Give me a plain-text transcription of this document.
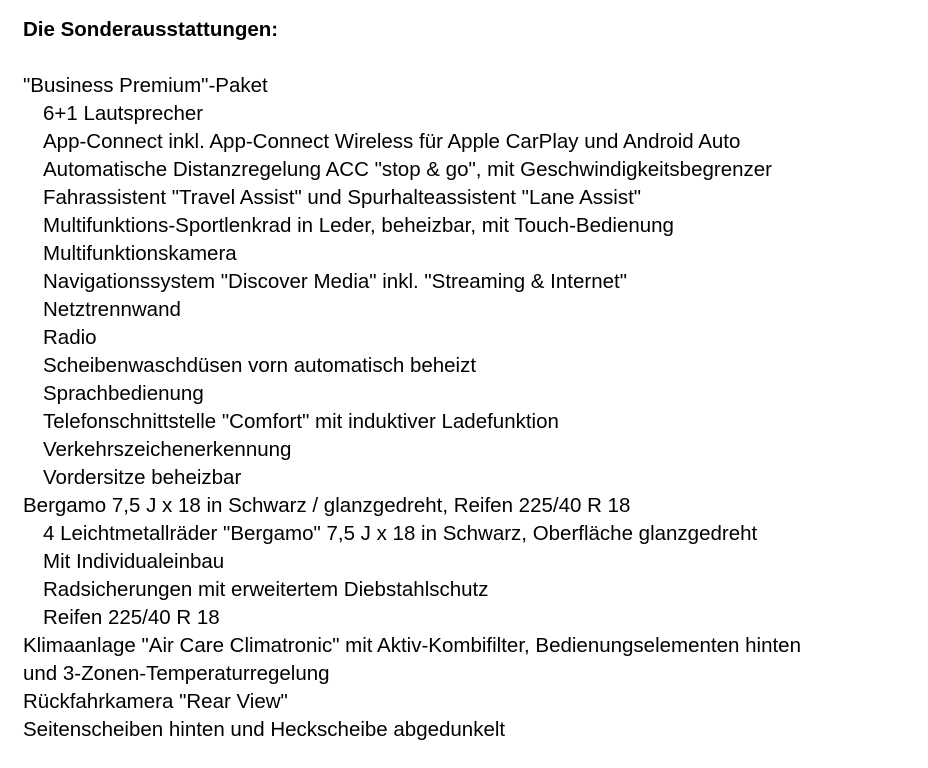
Die Sonderausstattungen:
"Business Premium"-Paket
6+1 Lautsprecher
App-Connect inkl. App-Connect Wireless für Apple CarPlay und Android Auto
Automatische Distanzregelung ACC "stop & go", mit Geschwindigkeitsbegrenzer
Fahrassistent "Travel Assist" und Spurhalteassistent "Lane Assist"
Multifunktions-Sportlenkrad in Leder, beheizbar, mit Touch-Bedienung
Multifunktionskamera
Navigationssystem "Discover Media" inkl. "Streaming & Internet"
Netztrennwand
Radio
Scheibenwaschdüsen vorn automatisch beheizt
Sprachbedienung
Telefonschnittstelle "Comfort" mit induktiver Ladefunktion
Verkehrszeichenerkennung
Vordersitze beheizbar
Bergamo 7,5 J x 18 in Schwarz / glanzgedreht, Reifen 225/40 R 18
4 Leichtmetallräder "Bergamo" 7,5 J x 18 in Schwarz, Oberfläche glanzgedreht
Mit Individualeinbau
Radsicherungen mit erweitertem Diebstahlschutz
Reifen 225/40 R 18
Klimaanlage "Air Care Climatronic" mit Aktiv-Kombifilter, Bedienungselementen hinten
und 3-Zonen-Temperaturregelung
Rückfahrkamera "Rear View"
Seitenscheiben hinten und Heckscheibe abgedunkelt
